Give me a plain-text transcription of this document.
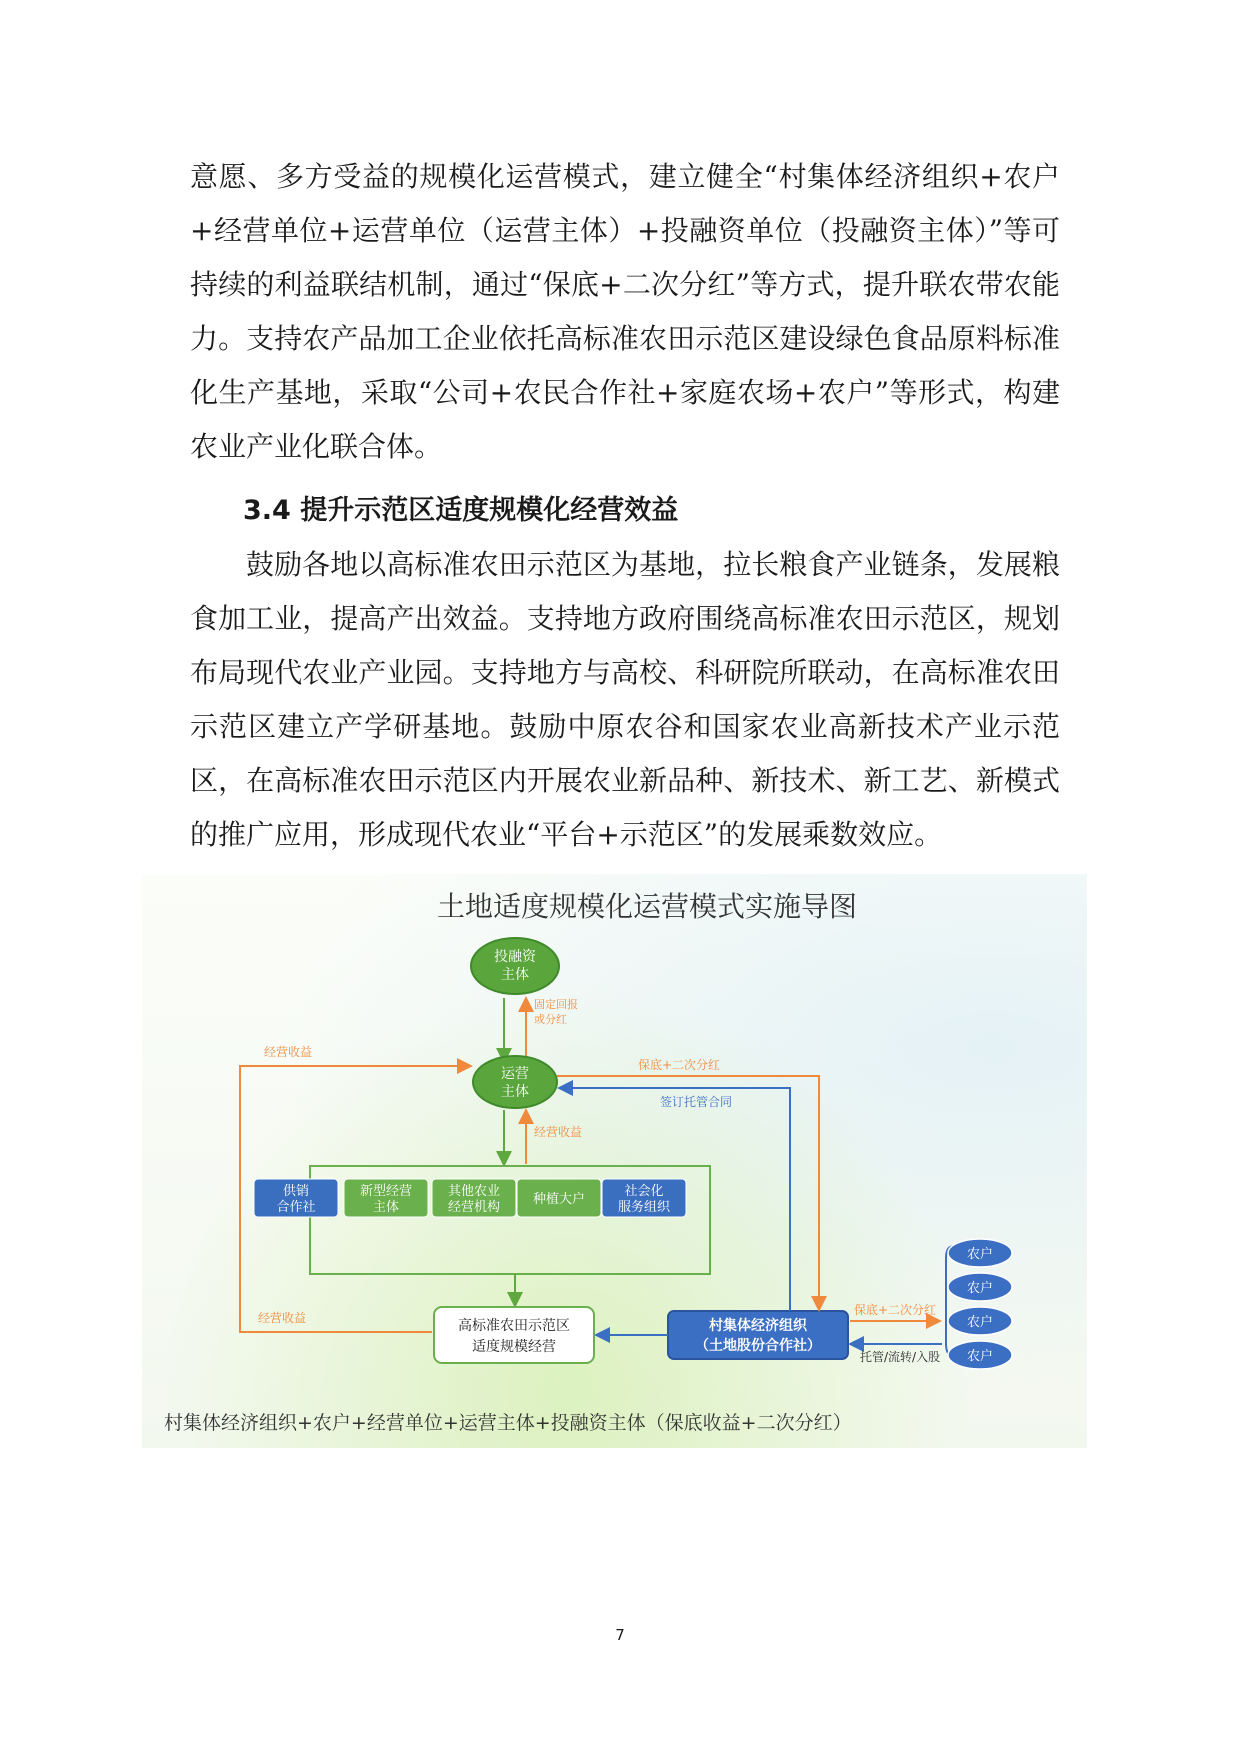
意愿、多方受益的规模化运营模式，建立健全“村集体经济组织+农户+经营单位+运营单位（运营主体）+投融资单位（投融资主体）”等可持续的利益联结机制，通过“保底+二次分红”等方式，提升联农带农能力。支持农产品加工企业依托高标准农田示范区建设绿色食品原料标准化生产基地，采取“公司+农民合作社+家庭农场+农户”等形式，构建农业产业化联合体。

3.4 提升示范区适度规模化经营效益

鼓励各地以高标准农田示范区为基地，拉长粮食产业链条，发展粮食加工业，提高产出效益。支持地方政府围绕高标准农田示范区，规划布局现代农业产业园。支持地方与高校、科研院所联动，在高标准农田示范区建立产学研基地。鼓励中原农谷和国家农业高新技术产业示范区，在高标准农田示范区内开展农业新品种、新技术、新工艺、新模式的推广应用，形成现代农业“平台+示范区”的发展乘数效应。

土地适度规模化运营模式实施导图
投融资
主体
固定回报
或分红
运营
主体
经营收益
经营收益
经营收益
供销
合作社
新型经营
主体
其他农业
经营机构
种植大户
社会化
服务组织
高标准农田示范区
适度规模经营
村集体经济组织
（土地股份合作社）
签订托管合同
保底+二次分红
农户
农户
农户
农户
保底+二次分红
托管/流转/入股
村集体经济组织+农户+经营单位+运营主体+投融资主体（保底收益+二次分红）
7
